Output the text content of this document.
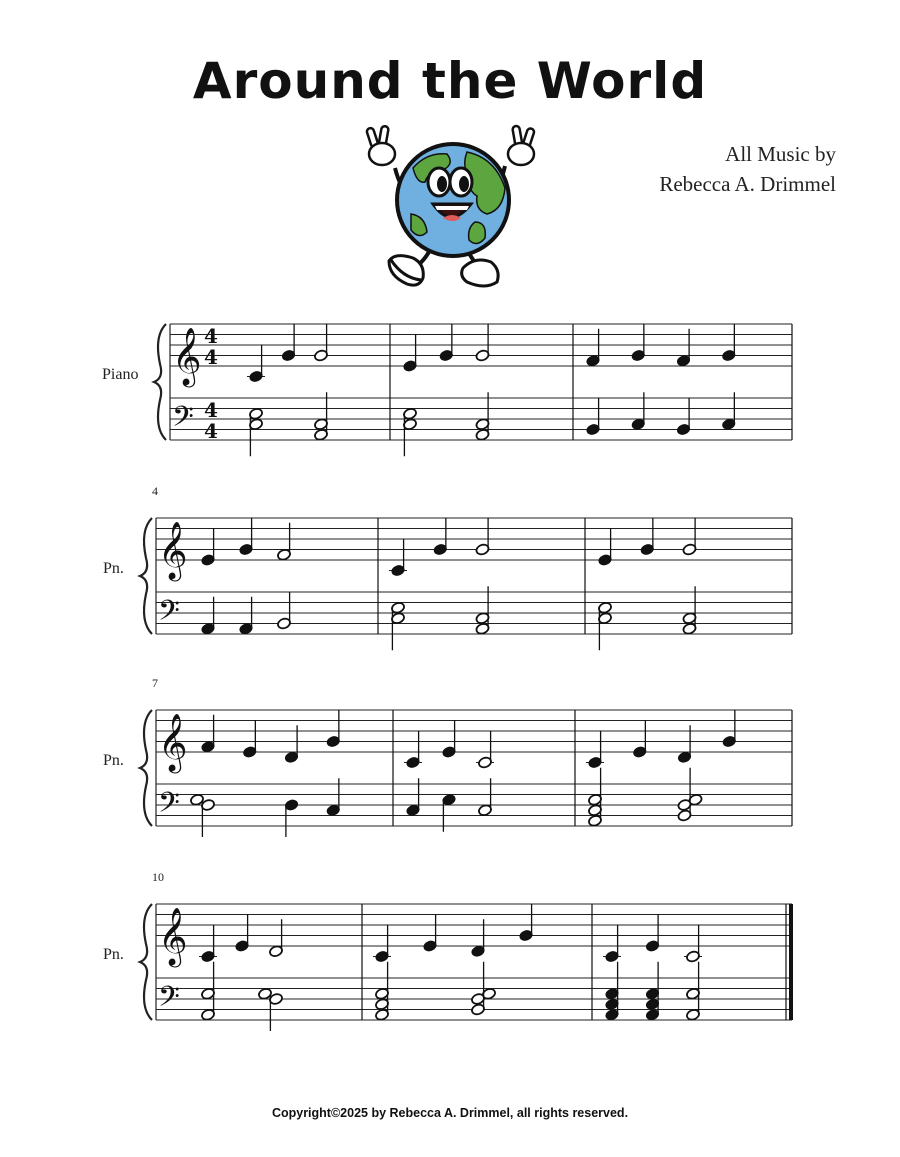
Around the World
All Music by
Rebecca A. Drimmel
Piano 𝄞
𝄢
4
4
4
4
Pn.
4
𝄞
𝄢
Pn.
7
𝄞
𝄢
Pn.
10
𝄞
𝄢
Copyright©2025 by Rebecca A. Drimmel, all rights reserved.
